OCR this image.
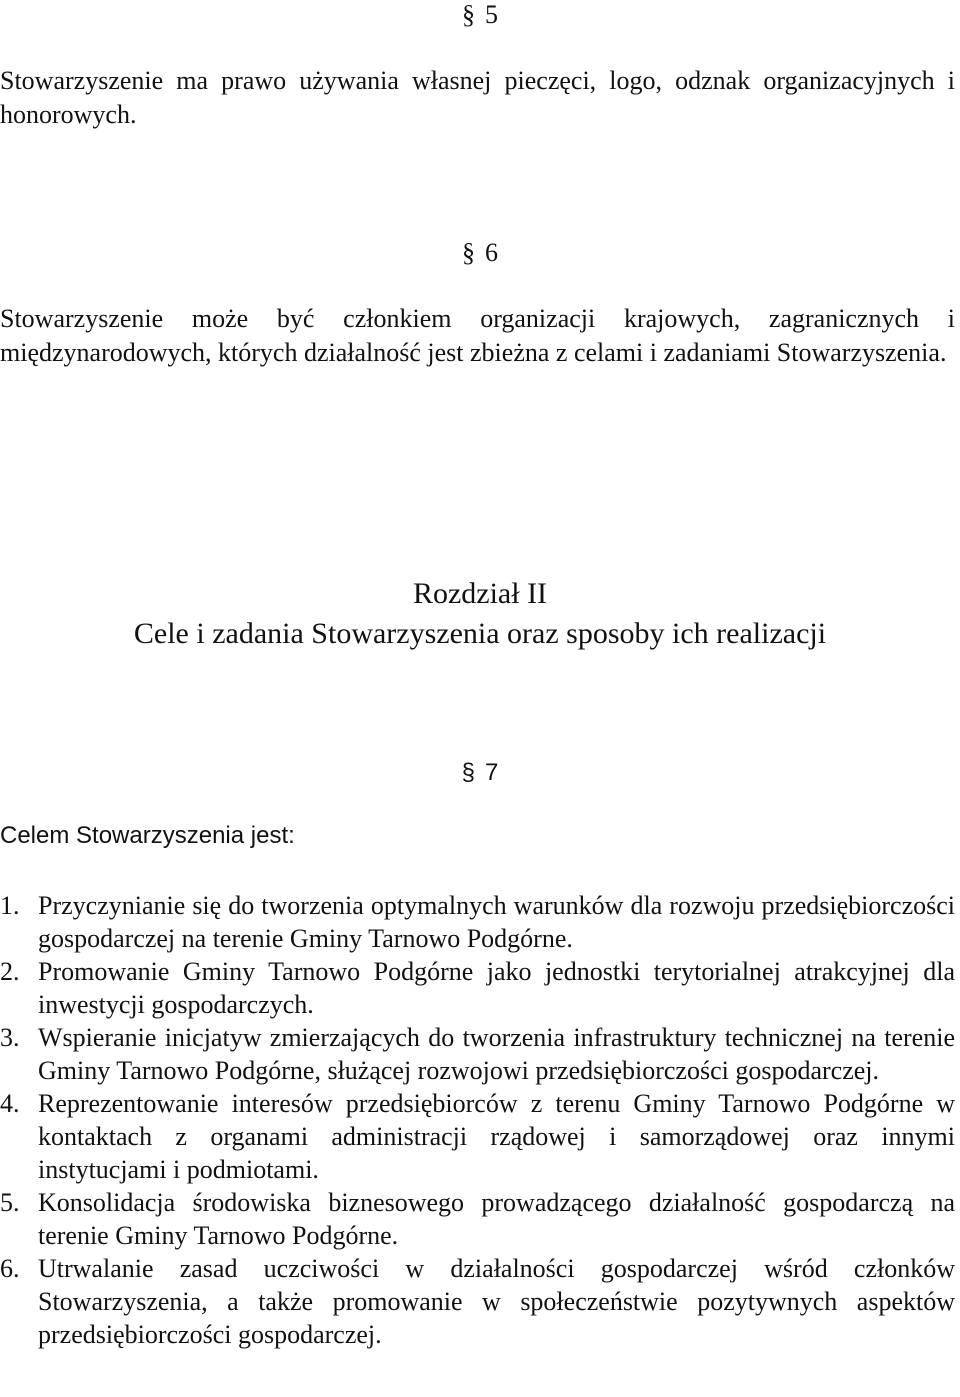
§ 5
Stowarzyszenie ma prawo używania własnej pieczęci, logo, odznak organizacyjnych i honorowych.
§ 6
Stowarzyszenie może być członkiem organizacji krajowych, zagranicznych i międzynarodowych, których działalność jest zbieżna z celami i zadaniami Stowarzyszenia.
Rozdział II
Cele i zadania Stowarzyszenia oraz sposoby ich realizacji
§ 7
Celem Stowarzyszenia jest:
1. Przyczynianie się do tworzenia optymalnych warunków dla rozwoju przedsiębiorczości gospodarczej na terenie Gminy Tarnowo Podgórne.
2. Promowanie Gminy Tarnowo Podgórne jako jednostki terytorialnej atrakcyjnej dla inwestycji gospodarczych.
3. Wspieranie inicjatyw zmierzających do tworzenia infrastruktury technicznej na terenie Gminy Tarnowo Podgórne, służącej rozwojowi przedsiębiorczości gospodarczej.
4. Reprezentowanie interesów przedsiębiorców z terenu Gminy Tarnowo Podgórne w kontaktach z organami administracji rządowej i samorządowej oraz innymi instytucjami i podmiotami.
5. Konsolidacja środowiska biznesowego prowadzącego działalność gospodarczą na terenie Gminy Tarnowo Podgórne.
6. Utrwalanie zasad uczciwości w działalności gospodarczej wśród członków Stowarzyszenia, a także promowanie w społeczeństwie pozytywnych aspektów przedsiębiorczości gospodarczej.
